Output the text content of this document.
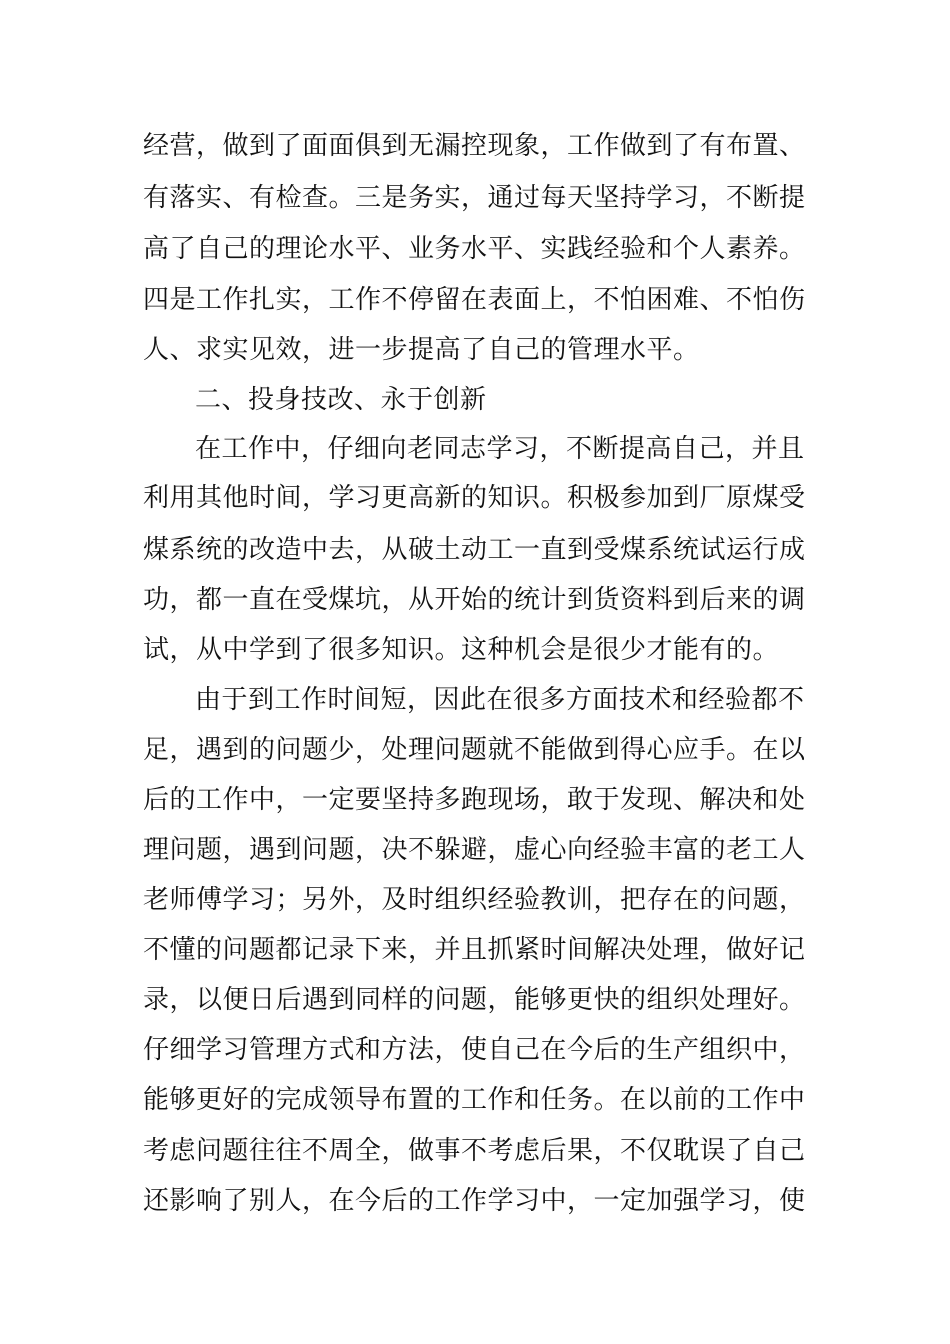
经营，做到了面面俱到无漏控现象，工作做到了有布置、
有落实、有检查。三是务实，通过每天坚持学习，不断提
高了自己的理论水平、业务水平、实践经验和个人素养。
四是工作扎实，工作不停留在表面上，不怕困难、不怕伤
人、求实见效，进一步提高了自己的管理水平。
二、投身技改、永于创新
在工作中，仔细向老同志学习，不断提高自己，并且
利用其他时间，学习更高新的知识。积极参加到厂原煤受
煤系统的改造中去，从破土动工一直到受煤系统试运行成
功，都一直在受煤坑，从开始的统计到货资料到后来的调
试，从中学到了很多知识。这种机会是很少才能有的。
由于到工作时间短，因此在很多方面技术和经验都不
足，遇到的问题少，处理问题就不能做到得心应手。在以
后的工作中，一定要坚持多跑现场，敢于发现、解决和处
理问题，遇到问题，决不躲避，虚心向经验丰富的老工人
老师傅学习；另外，及时组织经验教训，把存在的问题，
不懂的问题都记录下来，并且抓紧时间解决处理，做好记
录，以便日后遇到同样的问题，能够更快的组织处理好。
仔细学习管理方式和方法，使自己在今后的生产组织中，
能够更好的完成领导布置的工作和任务。在以前的工作中
考虑问题往往不周全，做事不考虑后果，不仅耽误了自己
还影响了别人，在今后的工作学习中，一定加强学习，使
